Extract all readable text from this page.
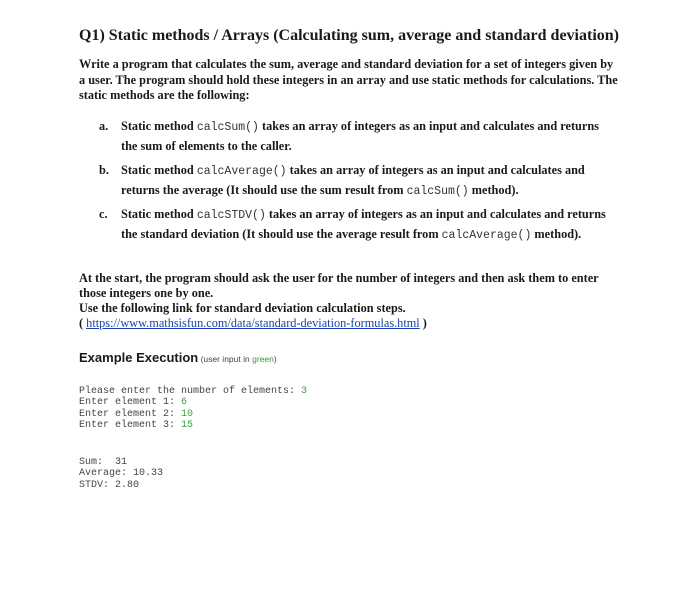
Q1) Static methods / Arrays (Calculating sum, average and standard deviation)
Write a program that calculates the sum, average and standard deviation for a set of integers given by a user. The program should hold these integers in an array and use static methods for calculations. The static methods are the following:
a.	Static method calcSum() takes an array of integers as an input and calculates and returns the sum of elements to the caller.
b. Static method calcAverage() takes an array of integers as an input and calculates and returns the average (It should use the sum result from calcSum() method).
c.	Static method calcSTDV() takes an array of integers as an input and calculates and returns the standard deviation (It should use the average result from calcAverage() method).
At the start, the program should ask the user for the number of integers and then ask them to enter those integers one by one.
Use the following link for standard deviation calculation steps.
( https://www.mathsisfun.com/data/standard-deviation-formulas.html )
Example Execution (user input in green)
Please enter the number of elements: 3
Enter element 1: 6
Enter element 2: 10
Enter element 3: 15
Sum:  31
Average: 10.33
STDV: 2.80
